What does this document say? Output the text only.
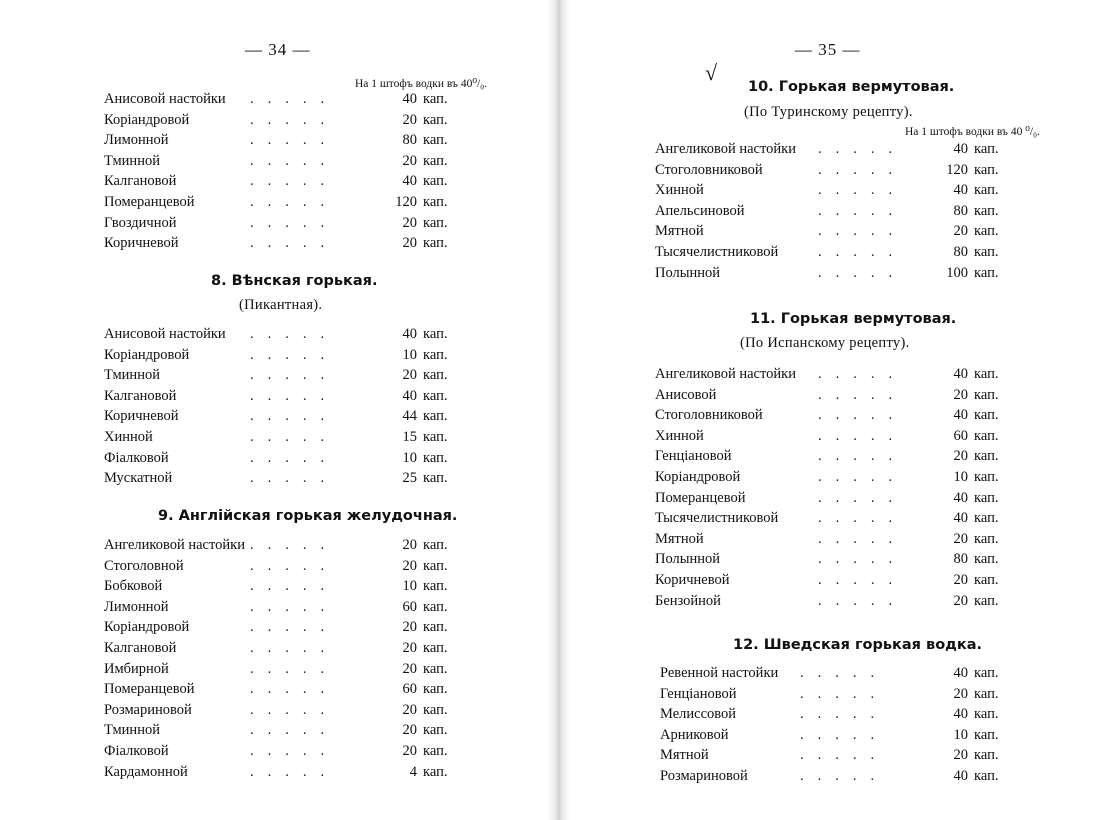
— 34 —
На 1 штофъ водки въ 40⁰/₀.
Анисовой настойки .....	40 кап.
Коріандровой	.....	20 кап.
Лимонной	.....	80 кап.
Тминной	.....	20 кап.
Калгановой	.....	40 кап.
Померанцевой	.....	120 кап.
Гвоздичной	.....	20 кап.
Коричневой	.....	20 кап.
8. Вѣнская горькая.
(Пикантная).
Анисовой настойки .....	40 кап.
Коріандровой	.....	10 кап.
Тминной	.....	20 кап.
Калгановой	.....	40 кап.
Коричневой	.....	44 кап.
Хинной	.....	15 кап.
Фіалковой	.....	10 кап.
Мускатной	.....	25 кап.
9. Англійская горькая желудочная.
Ангеликовой настойки .....	20 кап.
Стоголовной	.....	20 кап.
Бобковой	.....	10 кап.
Лимонной	.....	60 кап.
Коріандровой	.....	20 кап.
Калгановой	.....	20 кап.
Имбирной	.....	20 кап.
Померанцевой	.....	60 кап.
Розмариновой	.....	20 кап.
Тминной	.....	20 кап.
Фіалковой	.....	20 кап.
Кардамонной	.....	4 кап.
√
— 35 —
10. Горькая вермутовая.
(По Туринскому рецепту).
На 1 штофъ водки въ 40 ⁰/₀.
Ангеликовой настойки .....	40 кап.
Стоголовниковой	.....	120 кап.
Хинной	.....	40 кап.
Апельсиновой	.....	80 кап.
Мятной	.....	20 кап.
Тысячелистниковой	.....	80 кап.
Полынной	.....	100 кап.
11. Горькая вермутовая.
(По Испанскому рецепту).
Ангеликовой настойки .....	40 кап.
Анисовой	.....	20 кап.
Стоголовниковой	.....	40 кап.
Хинной	.....	60 кап.
Генціановой	.....	20 кап.
Коріандровой	.....	10 кап.
Померанцевой	.....	40 кап.
Тысячелистниковой	.....	40 кап.
Мятной	.....	20 кап.
Полынной	.....	80 кап.
Коричневой	.....	20 кап.
Бензойной	.....	20 кап.
12. Шведская горькая водка.
Ревенной настойки .....	40 кап.
Генціановой	.....	20 кап.
Мелиссовой	.....	40 кап.
Арниковой	.....	10 кап.
Мятной	.....	20 кап.
Розмариновой	.....	40 кап.
